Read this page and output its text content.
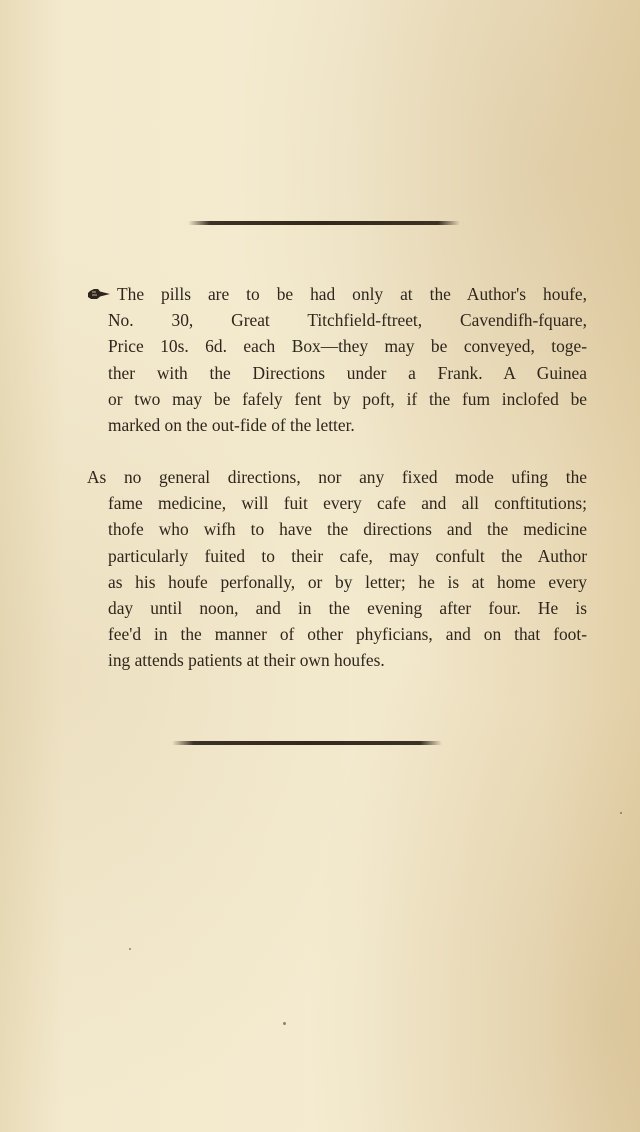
The pills are to be had only at the Author's houfe,
No. 30, Great Titchfield-ftreet, Cavendifh-fquare,
Price 10s. 6d. each Box—they may be conveyed, toge-
ther with the Directions under a Frank. A Guinea
or two may be fafely fent by poft, if the fum inclofed be
marked on the out-fide of the letter.
As no general directions, nor any fixed mode ufing the
fame medicine, will fuit every cafe and all conftitutions;
thofe who wifh to have the directions and the medicine
particularly fuited to their cafe, may confult the Author
as his houfe perfonally, or by letter; he is at home every
day until noon, and in the evening after four. He is
fee'd in the manner of other phyficians, and on that foot-
ing attends patients at their own houfes.
